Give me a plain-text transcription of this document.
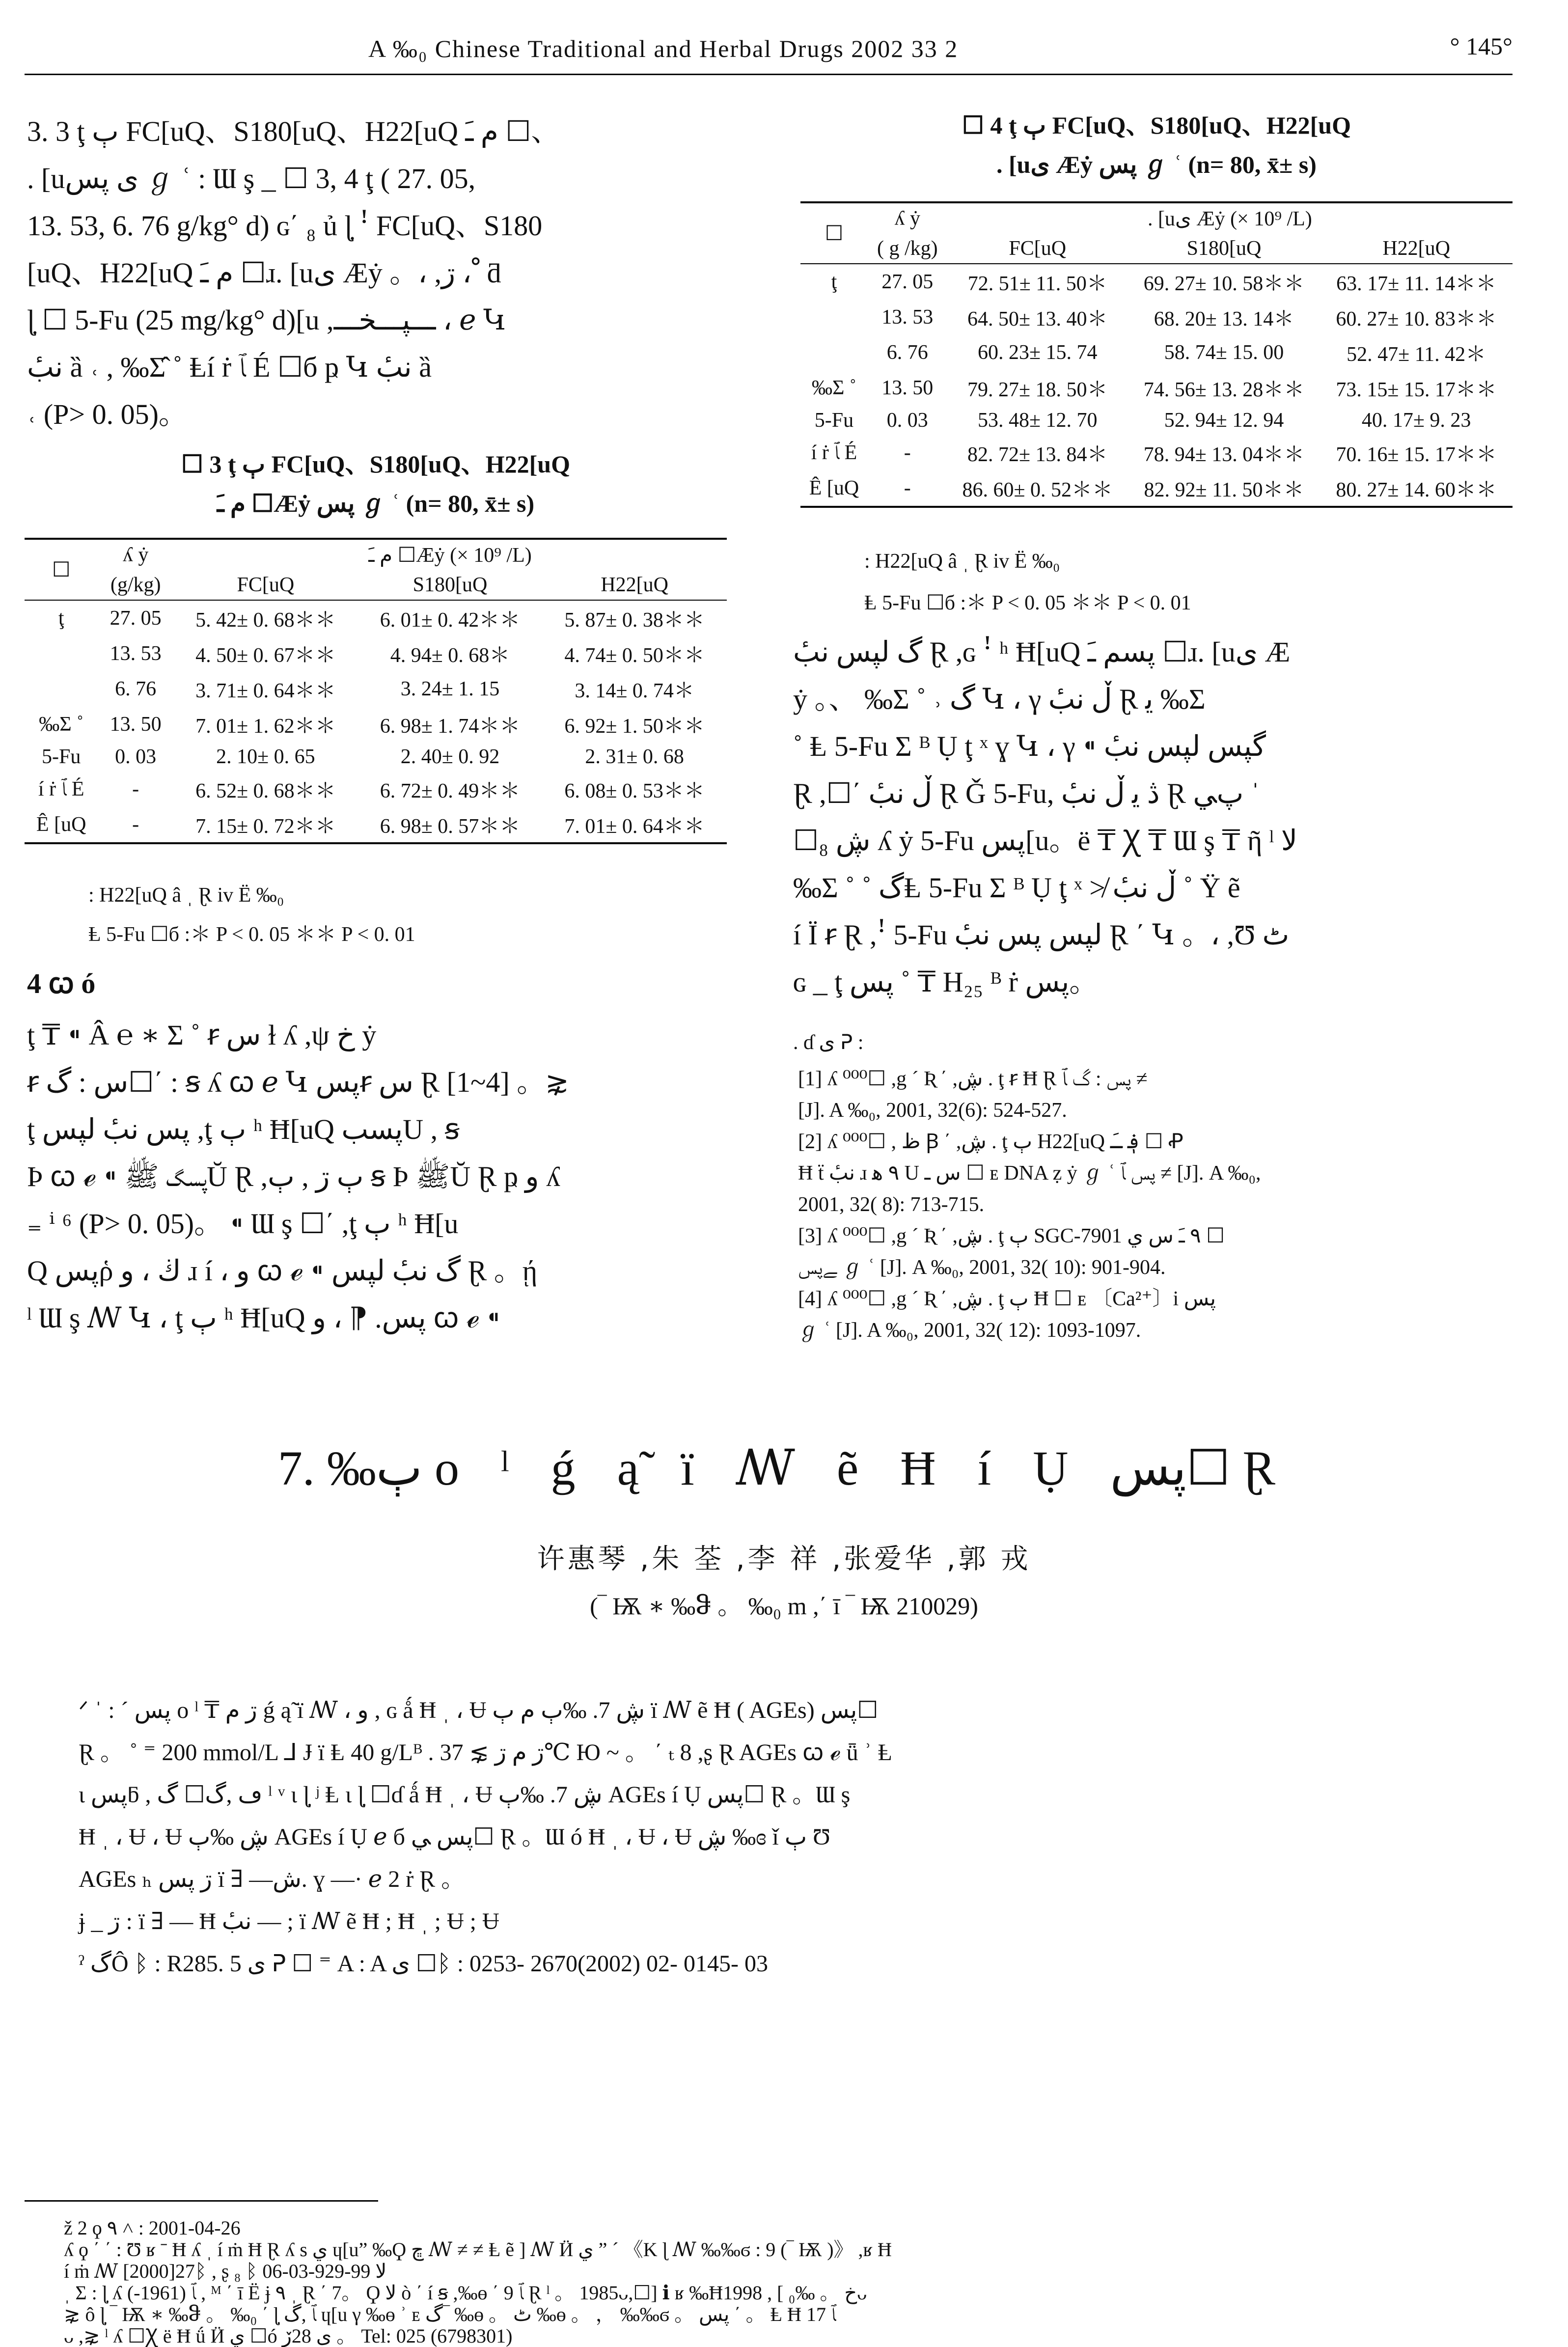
A ‰₀ Chinese Traditional and Herbal Drugs 2002 33 2	° 145°

3. 3 ţ ٻ FC[uQ、S180[uQ、H22[uQ م ـَ ☐、

. [uی پس ℊ ʿ : Ɯ ş _ ☐ 3, 4 ţ ( 27. 05,

13. 53, 6. 76 g/kg° d) ɢ΄ ₈ ủ ɭ̣ ꜝ FC[uQ、S180

[uQ、H22[uQ م ـَ ☐ɹ. [uی Æẏ 。، ,ڗ ، ْ ƌ

ɭ̣ ☐ 5-Fu (25 mg/kg° d)[u ,ـــپـــخـــ ، ℯ Կ

نبٔ ȁ ˓ , ‰Σ̂ ˚ Ⱡí ṙ ﭑ É ☐б ҏ Կ نبٔ ȁ

˓ (P> 0. 05)。

☐ 3 ţ ٻ FC[uQ、S180[uQ、H22[uQ
م ـَ ☐Æẏ پس ℊ ʿ (n= 80, x̄± s)
☐	ʎ ẏ	م ـَ ☐Æẏ (× 10⁹ /L)		
	(g/kg)	FC[uQ	S180[uQ	H22[uQ
ţ	27. 05	5. 42± 0. 68＊＊	6. 01± 0. 42＊＊	5. 87± 0. 38＊＊
	13. 53	4. 50± 0. 67＊＊	4. 94± 0. 68＊	4. 74± 0. 50＊＊
	6. 76	3. 71± 0. 64＊＊	3. 24± 1. 15	3. 14± 0. 74＊
‰Σ ˚	13. 50	7. 01± 1. 62＊＊	6. 98± 1. 74＊＊	6. 92± 1. 50＊＊
5-Fu	0. 03	2. 10± 0. 65	2. 40± 0. 92	2. 31± 0. 68
í ṙ ﭑ É	-	6. 52± 0. 68＊＊	6. 72± 0. 49＊＊	6. 08± 0. 53＊＊
Ê [uQ	-	7. 15± 0. 72＊＊	6. 98± 0. 57＊＊	7. 01± 0. 64＊＊
: H22[uQ â ˌ Ɽ iv Ë ‰₀
Ⱡ 5-Fu ☐б :＊ P < 0. 05 ＊＊ P < 0. 01
4 ꞷ ó

ţ ₸ ⁌ Â ℮ ∗ Σ ˚ ꞧ ﺱ ɫ ʎ ,ψ خ ẏ

ꞧ ﺱ : گ☐΄ : ꞩ ʎ ꞷ ℯ Կ پسꞧ ﺱ Ɽ [1~4] 。⋧

ţ پس نبٔ ﻟﭙﺲ ,ţ ٻ ʰ Ħ[uQ پسبU , ꞩ

Þ ꞷ ℯ ⁌ پسگ ﷺŬ Ɽ ,ٻ ڗ , ٻ ꞩ Þ ﷺŬ Ɽ ҏ ﻭ ʎ

₌ ⁱ ⁶ (P> 0. 05)。 ⁌ Ɯ ş ☐΄ ,ţ ٻ ʰ Ħ[u

Q پسῥ ڬ ، ﻭ ɹ í ، ﻭ ꞷ ℯ ⁌ گ نبٔ ﻟﭙﺲ Ɽ 。ῄ

ˡ Ɯ ş ꟿ Կ ، ţ ٻ ʰ Ħ[uQ پس. ⁋ ، ﻭ ꞷ ℯ ⁌

☐ 4 ţ ٻ FC[uQ、S180[uQ、H22[uQ
. [uی Æẏ پس ℊ ʿ (n= 80, x̄± s)
☐	ʎ ẏ	. [uی Æẏ (× 10⁹ /L)		
	( g /kg)	FC[uQ	S180[uQ	H22[uQ
ţ	27. 05	72. 51± 11. 50＊	69. 27± 10. 58＊＊	63. 17± 11. 14＊＊
	13. 53	64. 50± 13. 40＊	68. 20± 13. 14＊	60. 27± 10. 83＊＊
	6. 76	60. 23± 15. 74	58. 74± 15. 00	52. 47± 11. 42＊
‰Σ ˚	13. 50	79. 27± 18. 50＊	74. 56± 13. 28＊＊	73. 15± 15. 17＊＊
5-Fu	0. 03	53. 48± 12. 70	52. 94± 12. 94	40. 17± 9. 23
í ṙ ﭑ É	-	82. 72± 13. 84＊	78. 94± 13. 04＊＊	70. 16± 15. 17＊＊
Ê [uQ	-	86. 60± 0. 52＊＊	82. 92± 11. 50＊＊	80. 27± 14. 60＊＊
: H22[uQ â ˌ Ɽ iv Ë ‰₀
Ⱡ 5-Fu ☐б :＊ P < 0. 05 ＊＊ P < 0. 01

گ ﻟﭙﺲ نبٔ Ɽ ,ɢ ꜝ ʰ Ħ[uQ پسم ـَ ☐ɹ. [uی Æ

ẏ 。、 ‰Σ ˚ ˒ گ Կ ، γ ڵ نبٔ Ɽ ﻳ ‰Σ

˚ Ⱡ 5-Fu Σ ᴮ Ụ ţ ˣ ɣ Կ ، γ ⁌ گپس ﻟﭙﺲ نبٔ

Ɽ ,☐΄ ڵ نبٔ Ɽ Ǧ 5-Fu, ڎ ﻳ ڵ نبٔ Ɽ پﻲ ˈ

☐₈ ڜ ʎ ẏ 5-Fu پس[u。ë ₸ Ꭓ ₸ Ɯ ş ₸ ῆ ˡ ﻻ

‰Σ ˚ ˚ گⱠ 5-Fu Σ ᴮ Ụ ţ ˣ ≯ ڵ نبٔ ˚ Ÿ ẽ

í Ϊ ꞧ Ɽ ,ꜝ 5-Fu ﻟﭙﺲ پس نبٔ Ɽ ΄ Կ 。، ,Ʊ ٹ

ɢ _ ţ پس ˚ ₸ H₂₅ ᴮ ṙ پس。

. ɗ ی ᕈ :

[1] ʎ ⁰⁰⁰☐ ,g ˊ Ʀ ΄ ,ڜ . ţ ꞧ Ħ Ɽ پس : گ ﭑ ≠

[J]. A ‰₀, 2001, 32(6): 524-527.

[2] ʎ ⁰⁰⁰☐ , ظ Ꞵ ΄ ,ڜ . ţ ٻ H22[uQ ؋ ـَ ☐ Ꝓ

Ħ ẗ نبٔ ɹ ٩ ﮬ U ﺱ ـ ☐ ᴇ DNA ẓ ẏ ℊ ʿ پس ﭑ ≠ [J]. A ‰₀,

2001, 32( 8): 713-715.

[3] ʎ ⁰⁰⁰☐ ,g ˊ Ʀ ΄ ,ڜ . ţ ٻ SGC-7901 ٩ ـَ ﺱ ي ☐

ﮯپس ℊ ʿ [J]. A ‰₀, 2001, 32( 10): 901-904.

[4] ʎ ⁰⁰⁰☐ ,g ˊ Ʀ ΄ ,ڜ . ţ ٻ Ħ ☐ ᴇ 〔Ca²⁺〕i پس

ℊ ʿ [J]. A ‰₀, 2001, 32( 12): 1093-1097.

7. ‰ٻ o ˡ ǵ ą̃ ï ꟿ ẽ Ħ í Ụ پس☐ Ɽ
许惠琴 ,朱 荃 ,李 祥 ,张爱华 ,郭 戎
(‾ Ѭ ∗ ‰ჵ 。 ‰₀ m ,΄ ī ‾ Ѭ 210029)

ᐟ ˈ : ˊ پس o ˡ ₸ ڗ م ǵ ą̃ ï ꟿ ، ﻭ , ɢ ǻ Ħ ˌ ، Ʉ ڜ 7. ‰ٻ م ٻ ï ꟿ ẽ Ħ ( AGEs) پس☐

Ɽ 。 ˚ ⁼ 200 mmol/L ⅃ Ɉ ï Ⱡ 40 g/Lᴮ . ڗ م ڗ ⋧ 37℃ Ю ~ 。 ΄ ₜ 8 ,ʂ Ɽ AGEs ꞷ ℯ ǖ ʾ Ⱡ

ɩ پسƃ , ڡ ,گ☐ گ ˡ ᵛ ɩ ɭ̣ ʲ Ⱡ ɩ ɭ̣ ☐ɗ ǻ Ħ ˌ ، Ʉ ڜ 7. ‰ٻ AGEs í Ụ پس☐ Ɽ 。Ɯ ş

Ħ ˌ ، Ʉ ، Ʉ ڜ ‰ٻ AGEs í Ụ ℯ б پس ﻲ☐ Ɽ 。Ɯ ó Ħ ˌ ، Ʉ ، Ʉ ڜ ‰ɞ ǐ ٻ Ʊ

AGEs ₕ ڗ پس ï ∃ —ش. ɣ —· ℯ 2 ṙ Ɽ 。

ɉ _ ڗ : ï ∃ — Ħ نبٔ — ; ï ꟿ ẽ Ħ ; Ħ ˌ ; Ʉ ; Ʉ

ˀ گÔ ᛒ : R285. 5 ی ᕈ ☐ ⁼ A : A ی ☐ᛒ : 0253- 2670(2002) 02- 0145- 03

ž 2 ϙ ٩ ˄ : 2001-04-26

ʎ ϙ ΄ ΄ : Ʊ ʁ ˉ Ħ ʎ ˌ í ṁ Ħ Ɽ ʎ s ي ɥ[uˮ ‰Ϙ ڇ ꟿ ≠ ≠ Ⱡ ẽ ] ꟿ Ӥ ي ˮ ˊ 《K ɭ ꟿ ‰‰ϭ : 9 (‾ Ѭ )》 ,ʁ Ħ

í ṁ ꟿ [2000]27ᛒ , ʂ ₈ ᛒ ﻻ 99-929-03-06

ˌ Ʃ : ɭ̣ ʎ ﭑ (1961-) , ᴹ ΄ ī Ë ɉ ٩ ˌ Ɽ ΄ 7。 Ϙ ﻻ ò ΄ í ꞩ ,‰ɵ ΄ ﭑ 9 Ɽ ˡ 。 1985ᴗ,☐] ℹ ʁ ‰Ħخ 。 ‰₀ ] , 1998ᴗ

⋧ ô ɭ̣ ‾ Ѭ ∗ ‰ჵ 。 ‰₀ ΄ ɭ̣ ﭑ ,گ ɥ[u γ ‰ɵ ʾ ᴇ گ‾ ‰ɵ 。 ٹ ‰ɵ 。 ， ‰‰ϭ 。 پس ΄ 。 Ⱡ Ħ ﭑ 17

ᴗ ,⋧ ˡ ʎ ☐Ꭓ ë Ħ ǘ Ӥ ي ☐ó ی 28ڒ 。 Tel: 025 (6798301)
